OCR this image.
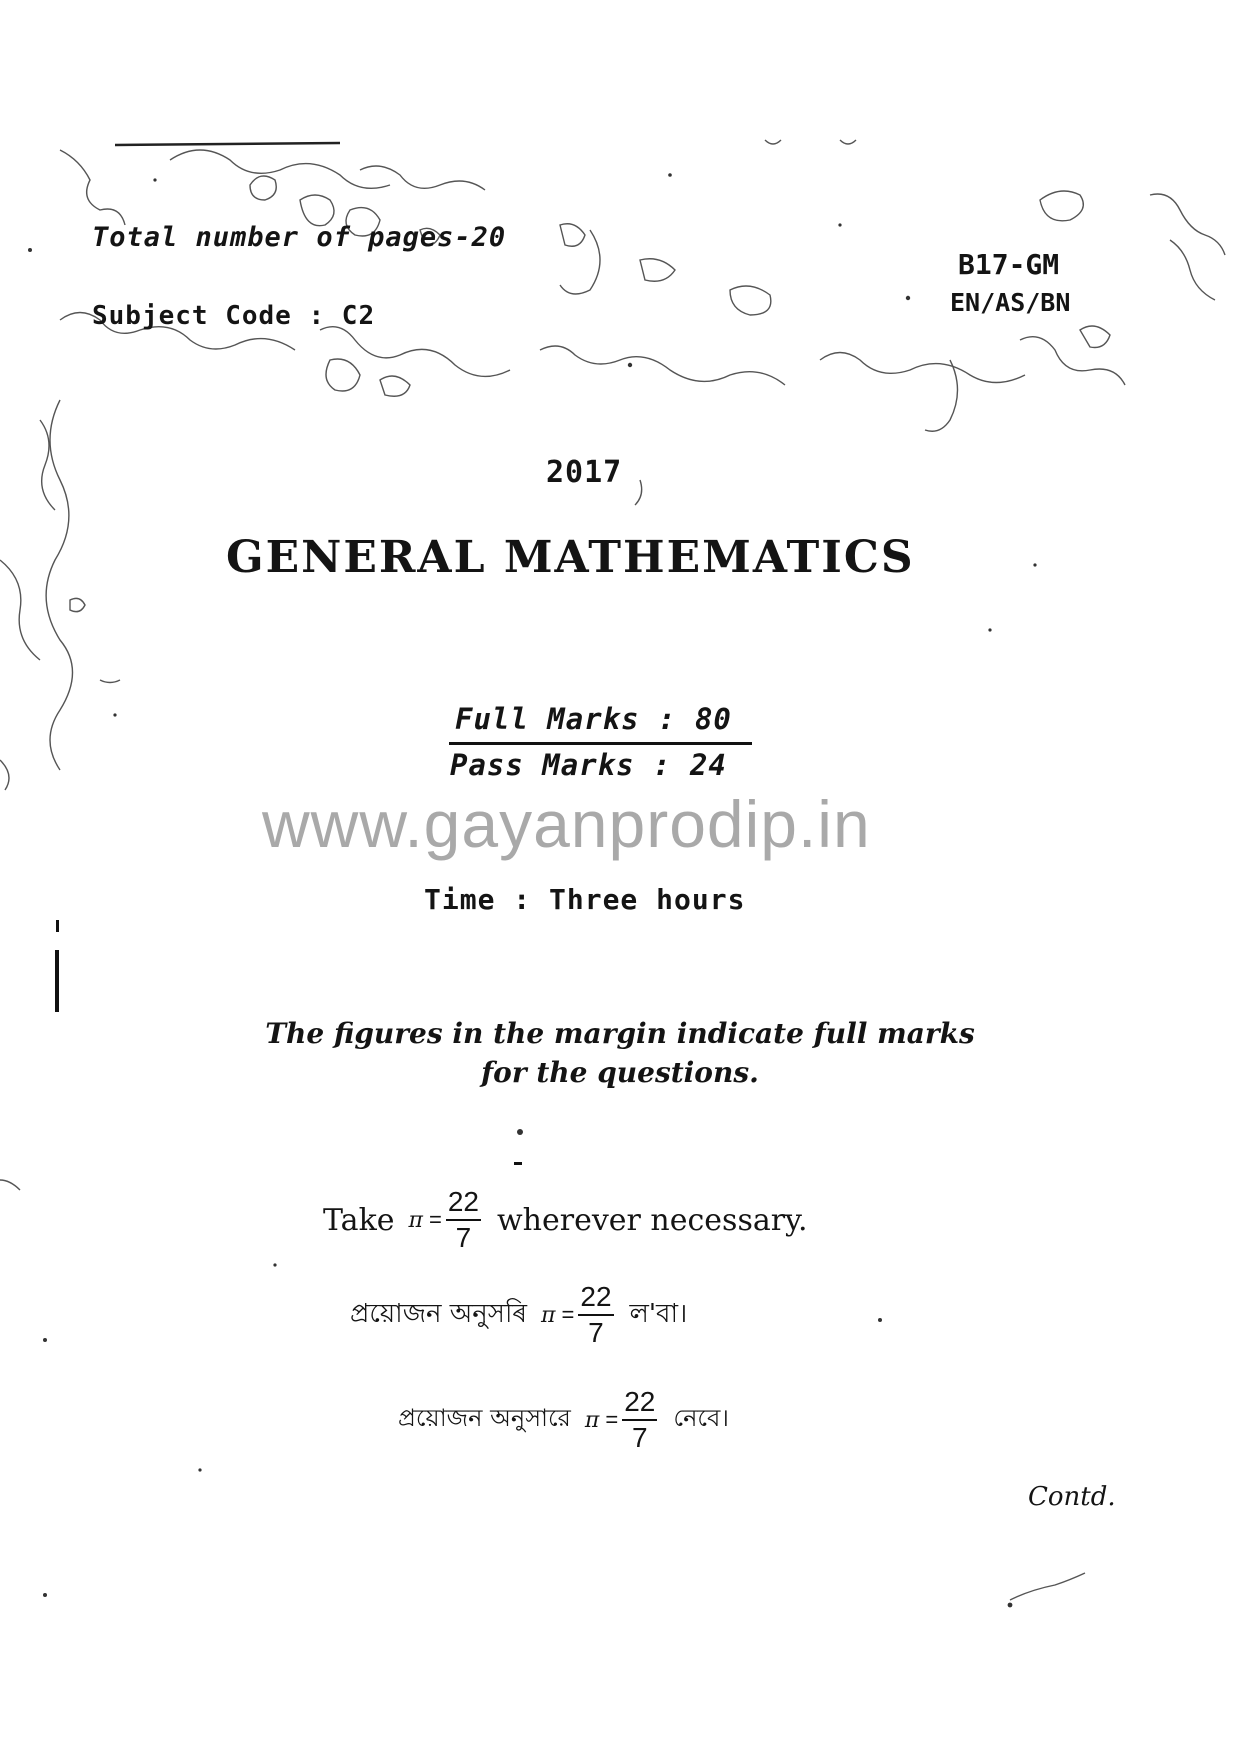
Total number of pages-20
Subject Code : C2
B17-GM
EN/AS/BN
2017
GENERAL MATHEMATICS
Full Marks : 80
Pass Marks : 24
www.gayanprodip.in
Time : Three hours
The figures in the margin indicate full marks
for the questions.
Take $\pi = \frac{22}{7}$ wherever necessary.
প্ৰয়োজন অনুসৰি $\pi = \frac{22}{7}$ ল'বা।
প্রয়োজন অনুসারে $\pi = \frac{22}{7}$ নেবে।
Contd.
